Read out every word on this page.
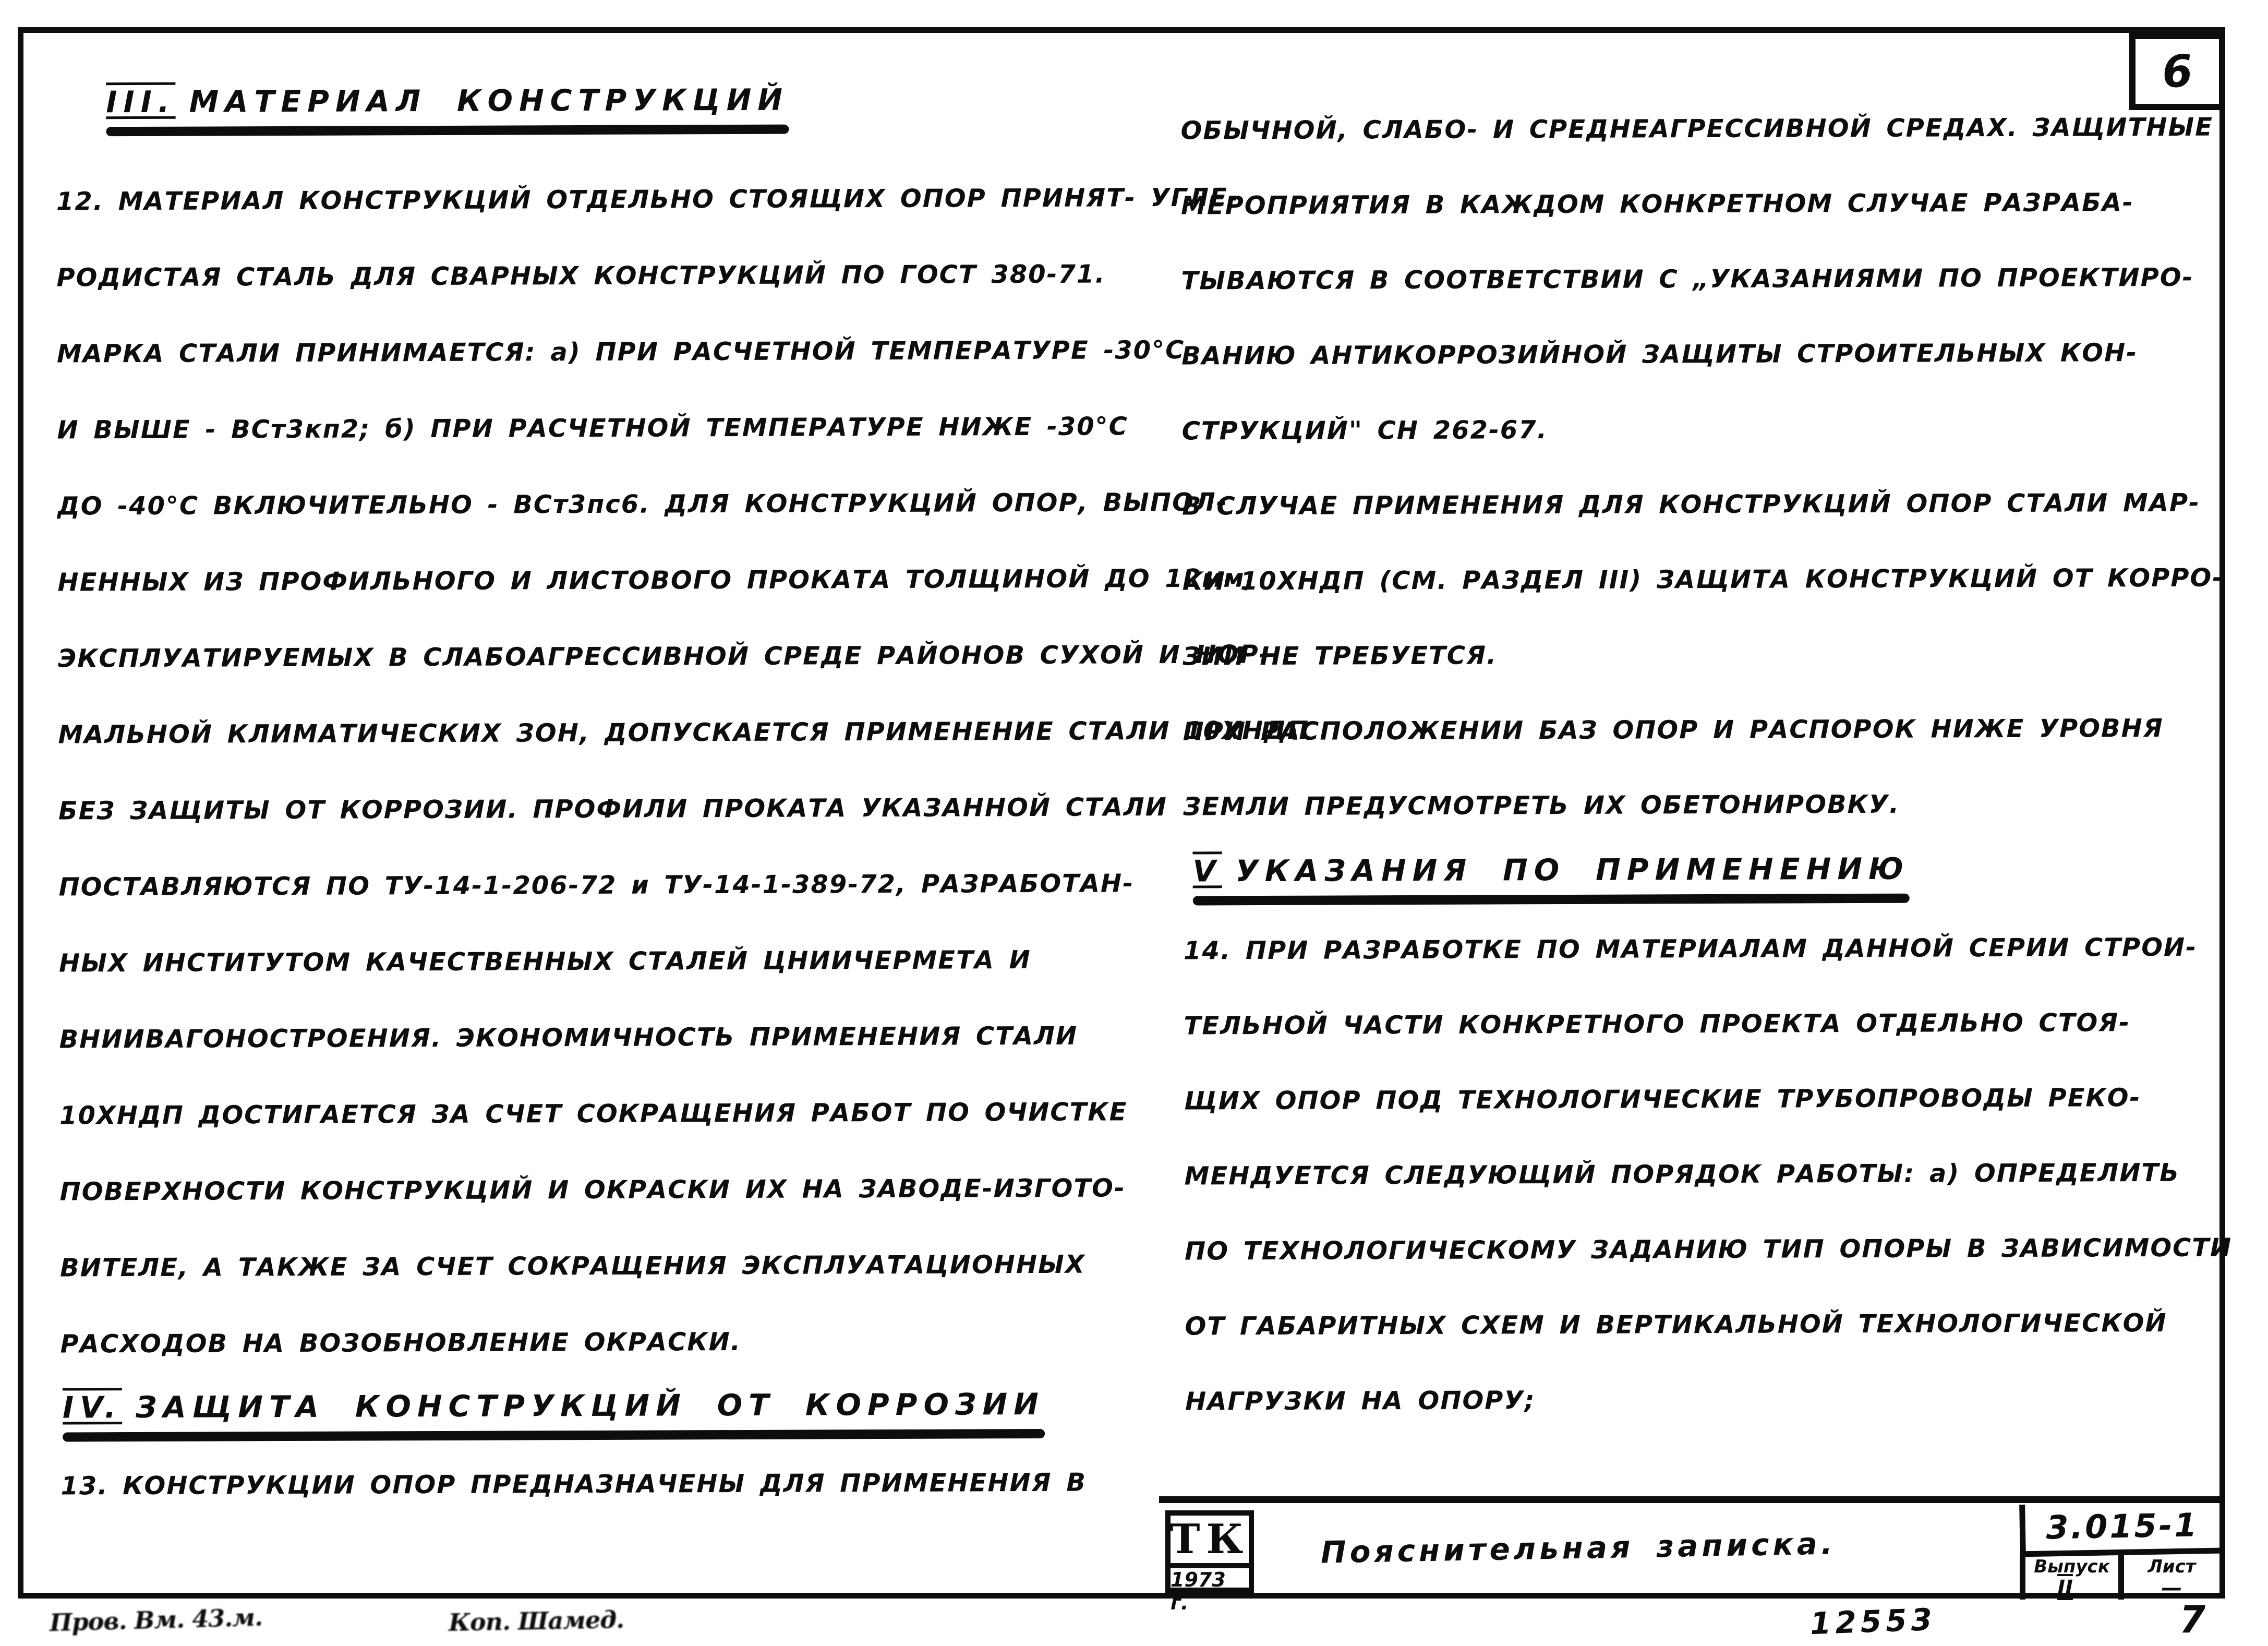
6
III. МАТЕРИАЛ КОНСТРУКЦИЙ
12. МАТЕРИАЛ КОНСТРУКЦИЙ ОТДЕЛЬНО СТОЯЩИХ ОПОР ПРИНЯТ- УГЛЕ-
РОДИСТАЯ СТАЛЬ ДЛЯ СВАРНЫХ КОНСТРУКЦИЙ ПО ГОСТ 380-71.
МАРКА СТАЛИ ПРИНИМАЕТСЯ: а) ПРИ РАСЧЕТНОЙ ТЕМПЕРАТУРЕ -30°С
И ВЫШЕ - ВСт3кп2; б) ПРИ РАСЧЕТНОЙ ТЕМПЕРАТУРЕ НИЖЕ -30°С
ДО -40°С ВКЛЮЧИТЕЛЬНО - ВСт3пс6. ДЛЯ КОНСТРУКЦИЙ ОПОР, ВЫПОЛ-
НЕННЫХ ИЗ ПРОФИЛЬНОГО И ЛИСТОВОГО ПРОКАТА ТОЛЩИНОЙ ДО 12мм,
ЭКСПЛУАТИРУЕМЫХ В СЛАБОАГРЕССИВНОЙ СРЕДЕ РАЙОНОВ СУХОЙ И НОР-
МАЛЬНОЙ КЛИМАТИЧЕСКИХ ЗОН, ДОПУСКАЕТСЯ ПРИМЕНЕНИЕ СТАЛИ 10ХНДП
БЕЗ ЗАЩИТЫ ОТ КОРРОЗИИ. ПРОФИЛИ ПРОКАТА УКАЗАННОЙ СТАЛИ
ПОСТАВЛЯЮТСЯ ПО ТУ-14-1-206-72 и ТУ-14-1-389-72, РАЗРАБОТАН-
НЫХ ИНСТИТУТОМ КАЧЕСТВЕННЫХ СТАЛЕЙ ЦНИИЧЕРМЕТА И
ВНИИВАГОНОСТРОЕНИЯ. ЭКОНОМИЧНОСТЬ ПРИМЕНЕНИЯ СТАЛИ
10ХНДП ДОСТИГАЕТСЯ ЗА СЧЕТ СОКРАЩЕНИЯ РАБОТ ПО ОЧИСТКЕ
ПОВЕРХНОСТИ КОНСТРУКЦИЙ И ОКРАСКИ ИХ НА ЗАВОДЕ-ИЗГОТО-
ВИТЕЛЕ, А ТАКЖЕ ЗА СЧЕТ СОКРАЩЕНИЯ ЭКСПЛУАТАЦИОННЫХ
РАСХОДОВ НА ВОЗОБНОВЛЕНИЕ ОКРАСКИ.
IV. ЗАЩИТА КОНСТРУКЦИЙ ОТ КОРРОЗИИ
13. КОНСТРУКЦИИ ОПОР ПРЕДНАЗНАЧЕНЫ ДЛЯ ПРИМЕНЕНИЯ В
ОБЫЧНОЙ, СЛАБО- И СРЕДНЕАГРЕССИВНОЙ СРЕДАХ. ЗАЩИТНЫЕ
МЕРОПРИЯТИЯ В КАЖДОМ КОНКРЕТНОМ СЛУЧАЕ РАЗРАБА-
ТЫВАЮТСЯ В СООТВЕТСТВИИ С „УКАЗАНИЯМИ ПО ПРОЕКТИРО-
ВАНИЮ АНТИКОРРОЗИЙНОЙ ЗАЩИТЫ СТРОИТЕЛЬНЫХ КОН-
СТРУКЦИЙ" СН 262-67.
В СЛУЧАЕ ПРИМЕНЕНИЯ ДЛЯ КОНСТРУКЦИЙ ОПОР СТАЛИ МАР-
КИ 10ХНДП (СМ. РАЗДЕЛ III) ЗАЩИТА КОНСТРУКЦИЙ ОТ КОРРО-
ЗИИ НЕ ТРЕБУЕТСЯ.
ПРИ РАСПОЛОЖЕНИИ БАЗ ОПОР И РАСПОРОК НИЖЕ УРОВНЯ
ЗЕМЛИ ПРЕДУСМОТРЕТЬ ИХ ОБЕТОНИРОВКУ.
V УКАЗАНИЯ ПО ПРИМЕНЕНИЮ
14. ПРИ РАЗРАБОТКЕ ПО МАТЕРИАЛАМ ДАННОЙ СЕРИИ СТРОИ-
ТЕЛЬНОЙ ЧАСТИ КОНКРЕТНОГО ПРОЕКТА ОТДЕЛЬНО СТОЯ-
ЩИХ ОПОР ПОД ТЕХНОЛОГИЧЕСКИЕ ТРУБОПРОВОДЫ РЕКО-
МЕНДУЕТСЯ СЛЕДУЮЩИЙ ПОРЯДОК РАБОТЫ: а) ОПРЕДЕЛИТЬ
ПО ТЕХНОЛОГИЧЕСКОМУ ЗАДАНИЮ ТИП ОПОРЫ В ЗАВИСИМОСТИ
ОТ ГАБАРИТНЫХ СХЕМ И ВЕРТИКАЛЬНОЙ ТЕХНОЛОГИЧЕСКОЙ
НАГРУЗКИ НА ОПОРУ;
ТК
1973 г.
Пояснительная записка.	3.015-1
Выпуск
II
Лист
—
Пров. Вм. 43.м.	Коп. Шамед.	12553	7
